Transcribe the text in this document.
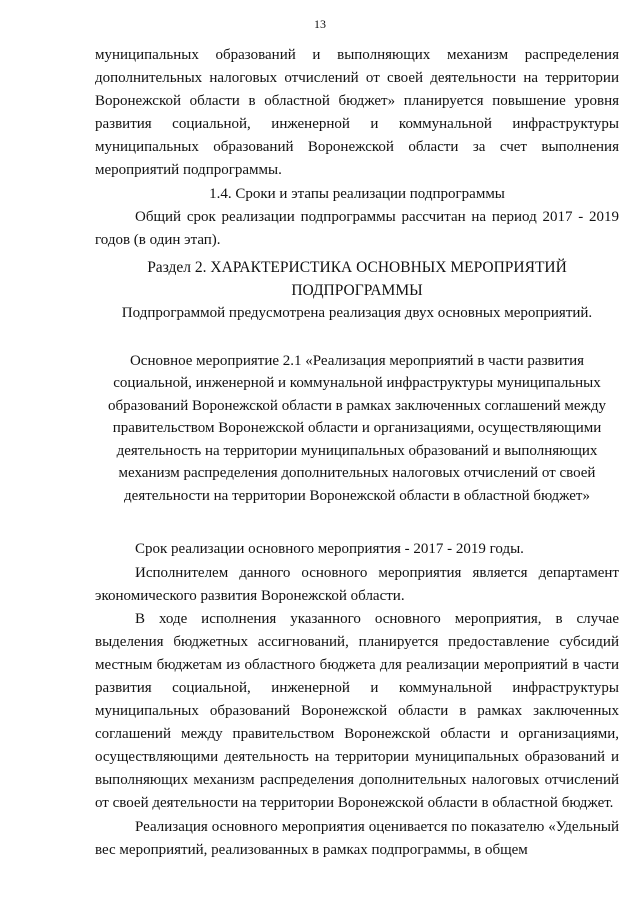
13

муниципальных образований и выполняющих механизм распределения дополнительных налоговых отчислений от своей деятельности на территории Воронежской области в областной бюджет» планируется повышение уровня развития социальной, инженерной и коммунальной инфраструктуры муниципальных образований Воронежской области за счет выполнения мероприятий подпрограммы.

1.4. Сроки и этапы реализации подпрограммы

Общий срок реализации подпрограммы рассчитан на период 2017 - 2019 годов (в один этап).

Раздел 2. ХАРАКТЕРИСТИКА ОСНОВНЫХ МЕРОПРИЯТИЙ
ПОДПРОГРАММЫ

Подпрограммой предусмотрена реализация двух основных мероприятий.

Основное мероприятие 2.1 «Реализация мероприятий в части развития социальной, инженерной и коммунальной инфраструктуры муниципальных образований Воронежской области в рамках заключенных соглашений между правительством Воронежской области и организациями, осуществляющими деятельность на территории муниципальных образований и выполняющих механизм распределения дополнительных налоговых отчислений от своей деятельности на территории Воронежской области в областной бюджет»

Срок реализации основного мероприятия - 2017 - 2019 годы.

Исполнителем данного основного мероприятия является департамент экономического развития Воронежской области.

В ходе исполнения указанного основного мероприятия, в случае выделения бюджетных ассигнований, планируется предоставление субсидий местным бюджетам из областного бюджета для реализации мероприятий в части развития социальной, инженерной и коммунальной инфраструктуры муниципальных образований Воронежской области в рамках заключенных соглашений между правительством Воронежской области и организациями, осуществляющими деятельность на территории муниципальных образований и выполняющих механизм распределения дополнительных налоговых отчислений от своей деятельности на территории Воронежской области в областной бюджет.

Реализация основного мероприятия оценивается по показателю «Удельный вес мероприятий, реализованных в рамках подпрограммы, в общем
